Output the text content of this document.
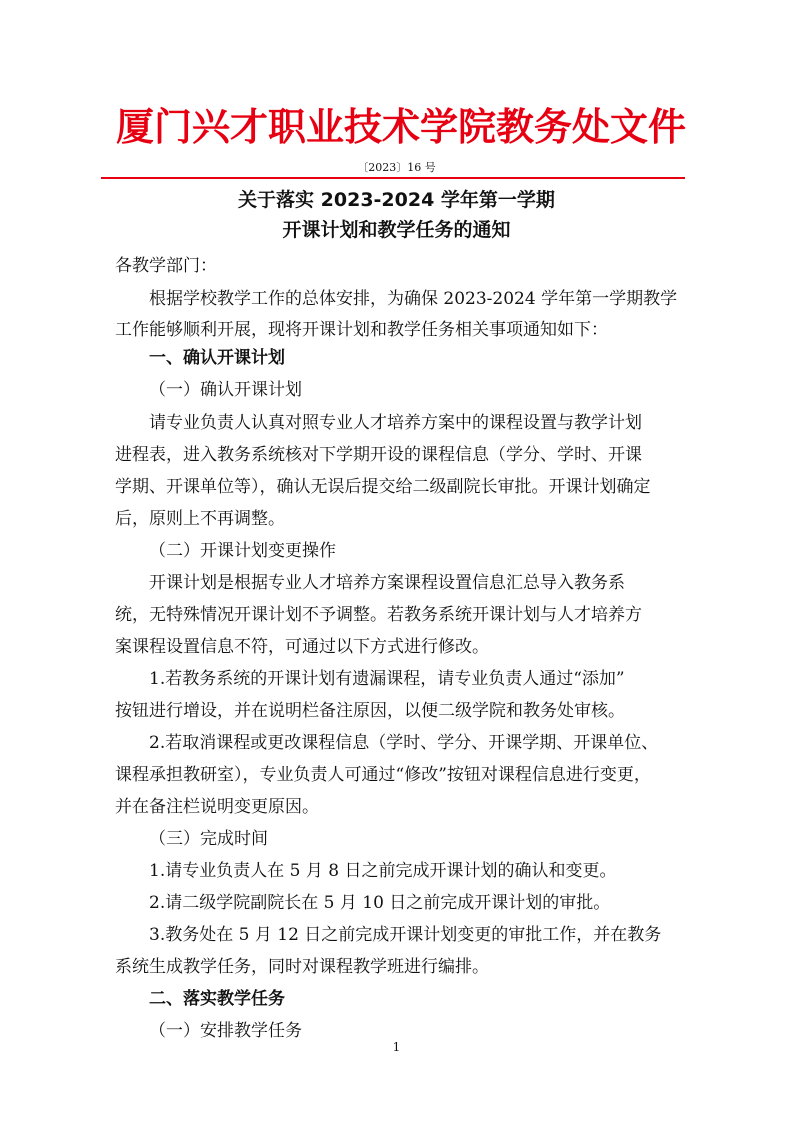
厦门兴才职业技术学院教务处文件
〔2023〕16 号
关于落实 2023-2024 学年第一学期
开课计划和教学任务的通知
各教学部门：
根据学校教学工作的总体安排，为确保 2023-2024 学年第一学期教学
工作能够顺利开展，现将开课计划和教学任务相关事项通知如下：
一、确认开课计划
（一）确认开课计划
请专业负责人认真对照专业人才培养方案中的课程设置与教学计划
进程表，进入教务系统核对下学期开设的课程信息（学分、学时、开课
学期、开课单位等），确认无误后提交给二级副院长审批。开课计划确定
后，原则上不再调整。
（二）开课计划变更操作
开课计划是根据专业人才培养方案课程设置信息汇总导入教务系
统，无特殊情况开课计划不予调整。若教务系统开课计划与人才培养方
案课程设置信息不符，可通过以下方式进行修改。
1.若教务系统的开课计划有遗漏课程，请专业负责人通过“添加”
按钮进行增设，并在说明栏备注原因，以便二级学院和教务处审核。
2.若取消课程或更改课程信息（学时、学分、开课学期、开课单位、
课程承担教研室），专业负责人可通过“修改”按钮对课程信息进行变更，
并在备注栏说明变更原因。
（三）完成时间
1.请专业负责人在 5 月 8 日之前完成开课计划的确认和变更。
2.请二级学院副院长在 5 月 10 日之前完成开课计划的审批。
3.教务处在 5 月 12 日之前完成开课计划变更的审批工作，并在教务
系统生成教学任务，同时对课程教学班进行编排。
二、落实教学任务
（一）安排教学任务
1
